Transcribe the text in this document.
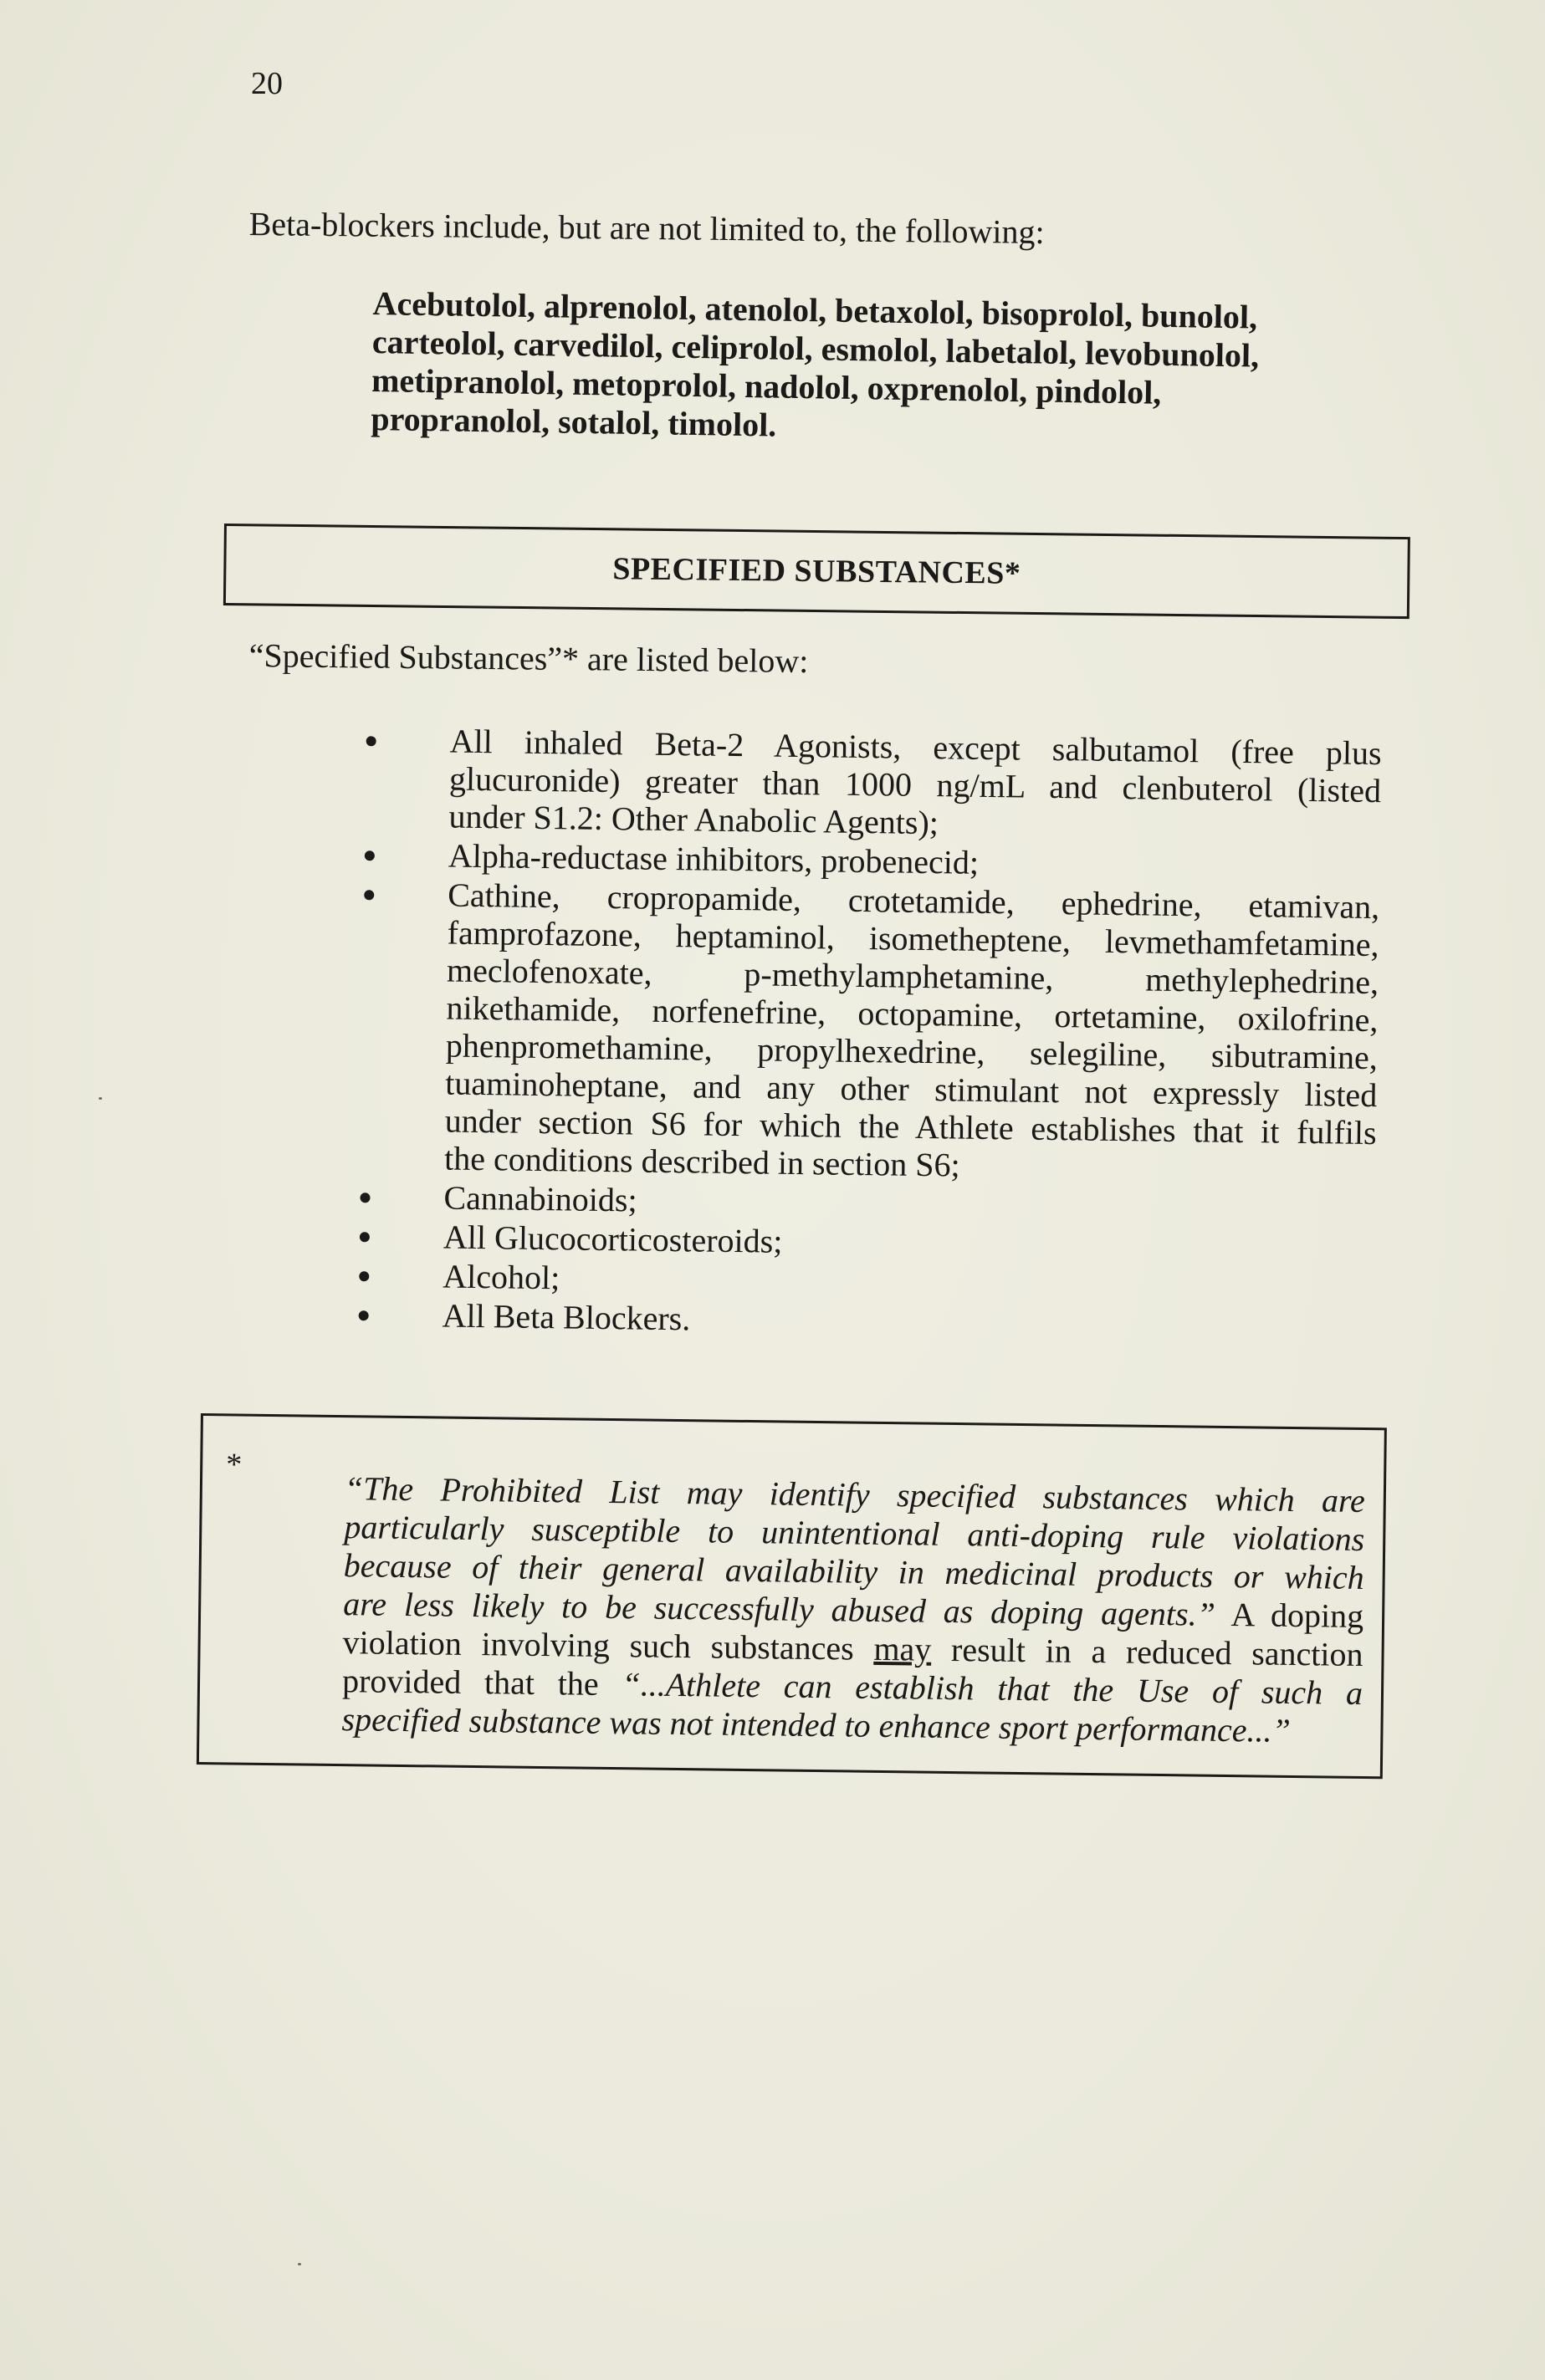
20
Beta-blockers include, but are not limited to, the following:
Acebutolol, alprenolol, atenolol, betaxolol, bisoprolol, bunolol,
carteolol, carvedilol, celiprolol, esmolol, labetalol, levobunolol,
metipranolol, metoprolol, nadolol, oxprenolol, pindolol,
propranolol, sotalol, timolol.
SPECIFIED SUBSTANCES*
“Specified Substances”* are listed below:
All inhaled Beta-2 Agonists, except salbutamol (free plus
glucuronide) greater than 1000 ng/mL and clenbuterol (listed
under S1.2: Other Anabolic Agents);
Alpha-reductase inhibitors, probenecid;
Cathine, cropropamide, crotetamide, ephedrine, etamivan,
famprofazone, heptaminol, isometheptene, levmethamfetamine,
meclofenoxate, p-methylamphetamine, methylephedrine,
nikethamide, norfenefrine, octopamine, ortetamine, oxilofrine,
phenpromethamine, propylhexedrine, selegiline, sibutramine,
tuaminoheptane, and any other stimulant not expressly listed
under section S6 for which the Athlete establishes that it fulfils
the conditions described in section S6;
Cannabinoids;
All Glucocorticosteroids;
Alcohol;
All Beta Blockers.
*
“The Prohibited List may identify specified substances which are
particularly susceptible to unintentional anti-doping rule violations
because of their general availability in medicinal products or which
are less likely to be successfully abused as doping agents.” A doping
violation involving such substances may result in a reduced sanction
provided that the “...Athlete can establish that the Use of such a
specified substance was not intended to enhance sport performance...”
